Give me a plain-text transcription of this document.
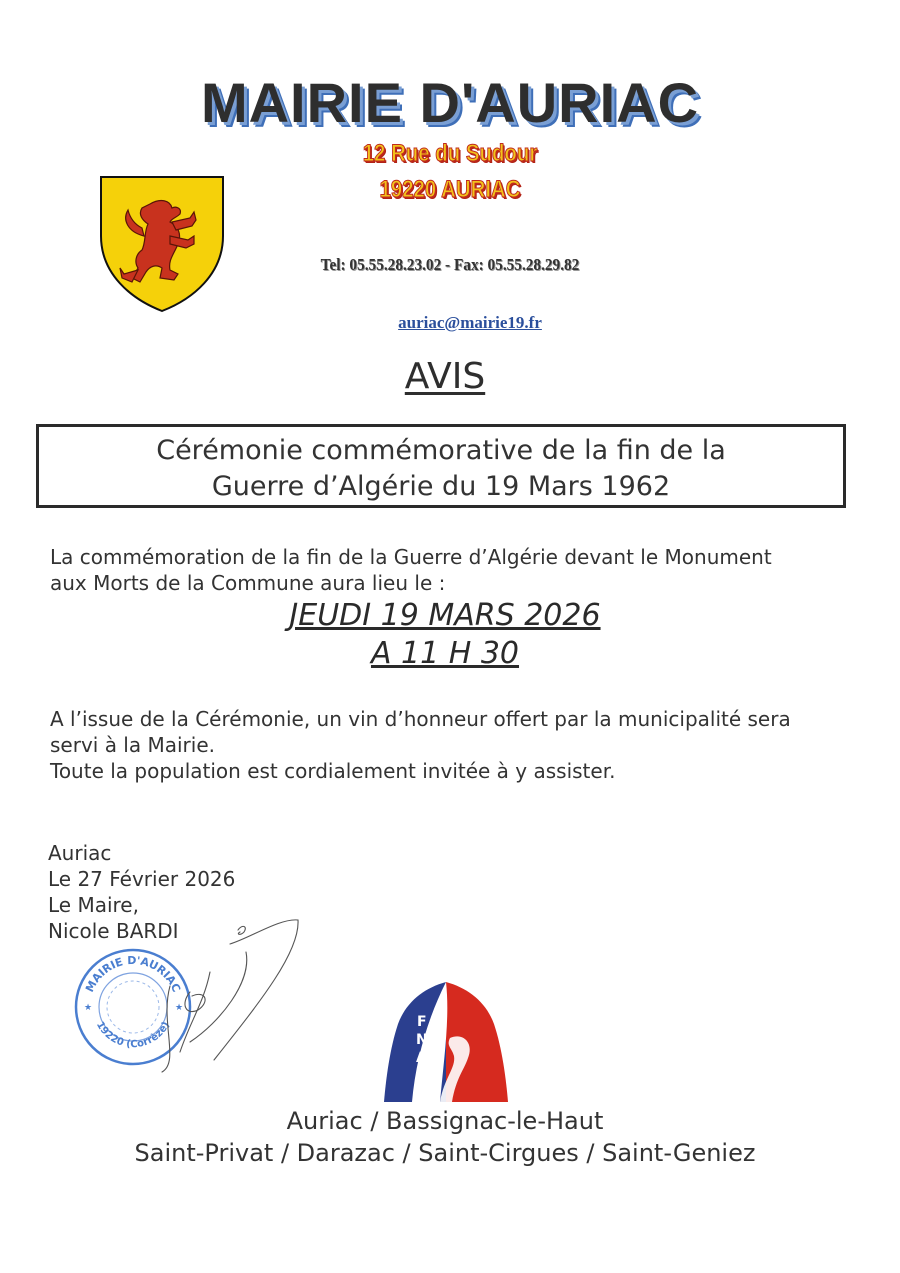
MAIRIE D'AURIAC
12 Rue du Sudour
19220 AURIAC
Tel: 05.55.28.23.02 - Fax: 05.55.28.29.82
auriac@mairie19.fr
AVIS
Cérémonie commémorative de la fin de la
Guerre d’Algérie du 19 Mars 1962
La commémoration de la fin de la Guerre d’Algérie devant le Monument
aux Morts de la Commune aura lieu le :
JEUDI 19 MARS 2026
A 11 H 30
A l’issue de la Cérémonie, un vin d’honneur offert par la municipalité sera
servi à la Mairie.
Toute la population est cordialement invitée à y assister.
Auriac
Le 27 Février 2026
Le Maire,
Nicole BARDI
MAIRIE D'AURIAC
19220 (Corrèze)
★	★
F N A C A
Auriac / Bassignac-le-Haut
Saint-Privat / Darazac / Saint-Cirgues / Saint-Geniez
